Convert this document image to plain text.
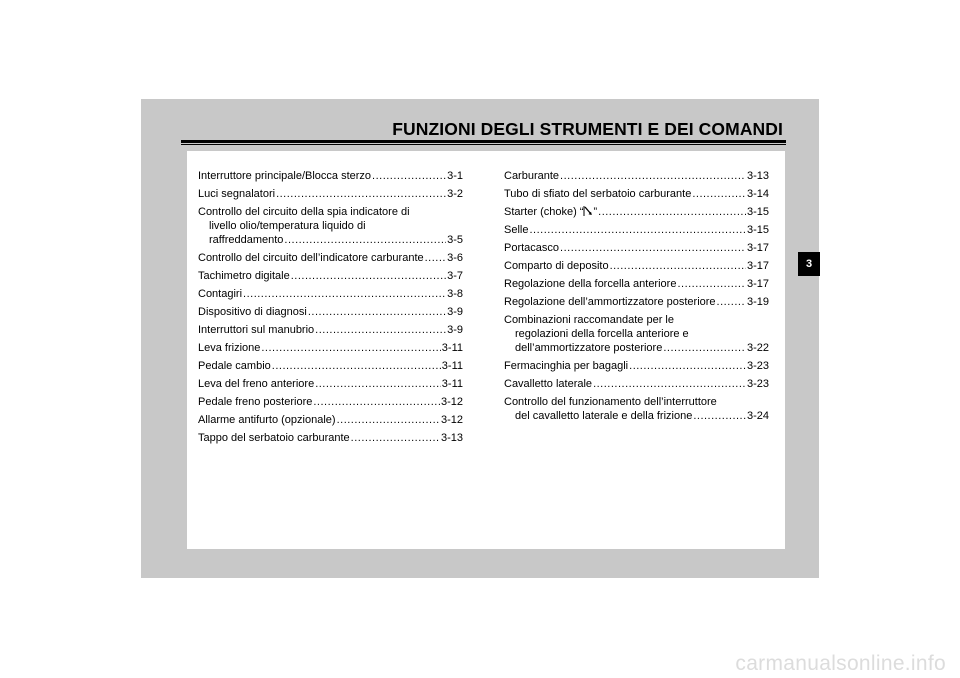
FUNZIONI DEGLI STRUMENTI E DEI COMANDI
Interruttore principale/Blocca sterzo .....	3-1
Luci segnalatori .....	3-2
Controllo del circuito della spia indicatore di
livello olio/temperatura liquido di
raffreddamento .....	3-5
Controllo del circuito dell’indicatore carburante ..... 3-6
Tachimetro digitale .....	3-7
Contagiri .....	3-8
Dispositivo di diagnosi .....	3-9
Interruttori sul manubrio .....	3-9
Leva frizione .....	3-11
Pedale cambio .....	3-11
Leva del freno anteriore .....	3-11
Pedale freno posteriore .....	3-12
Allarme antifurto (opzionale) .....	3-12
Tappo del serbatoio carburante .....	3-13
Carburante .....	3-13
Tubo di sfiato del serbatoio carburante .....	3-14
Starter (choke) “ ” .....	3-15
Selle .....	3-15
Portacasco .....	3-17
Comparto di deposito .....	3-17
Regolazione della forcella anteriore .....	3-17
Regolazione dell’ammortizzatore posteriore .....	3-19
Combinazioni raccomandate per le
regolazioni della forcella anteriore e
dell’ammortizzatore posteriore .....	3-22
Fermacinghia per bagagli .....	3-23
Cavalletto laterale .....	3-23
Controllo del funzionamento dell’interruttore
del cavalletto laterale e della frizione .....	3-24
3
carmanualsonline.info
